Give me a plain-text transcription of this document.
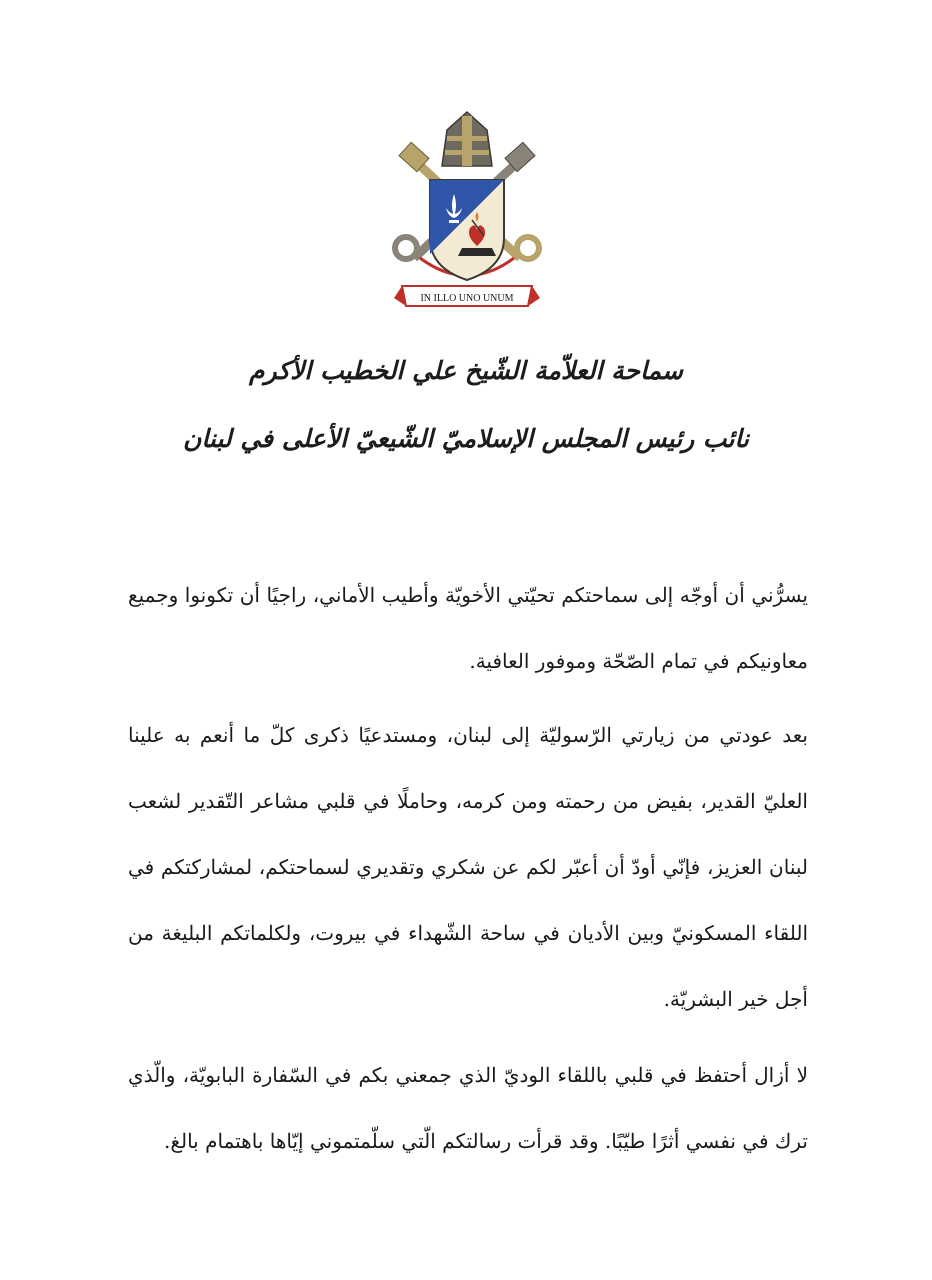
IN ILLO UNO UNUM
سماحة العلاّمة الشّيخ علي الخطيب الأكرم
نائب رئيس المجلس الإسلاميّ الشّيعيّ الأعلى في لبنان

يسرُّني أن أوجّه إلى سماحتكم تحيّتي الأخويّة وأطيب الأماني، راجيًا أن تكونوا وجميع معاونيكم في تمام الصّحّة وموفور العافية.

بعد عودتي من زيارتي الرّسوليّة إلى لبنان، ومستدعيًا ذكرى كلّ ما أنعم به علينا العليّ القدير، بفيض من رحمته ومن كرمه، وحاملًا في قلبي مشاعر التّقدير لشعب لبنان العزيز، فإنّي أودّ أن أعبّر لكم عن شكري وتقديري لسماحتكم، لمشاركتكم في اللقاء المسكونيّ وبين الأديان في ساحة الشّهداء في بيروت، ولكلماتكم البليغة من أجل خير البشريّة.

لا أزال أحتفظ في قلبي باللقاء الوديّ الذي جمعني بكم في السّفارة البابويّة، والّذي ترك في نفسي أثرًا طيّبًا. وقد قرأت رسالتكم الّتي سلّمتموني إيّاها باهتمام بالغ.
